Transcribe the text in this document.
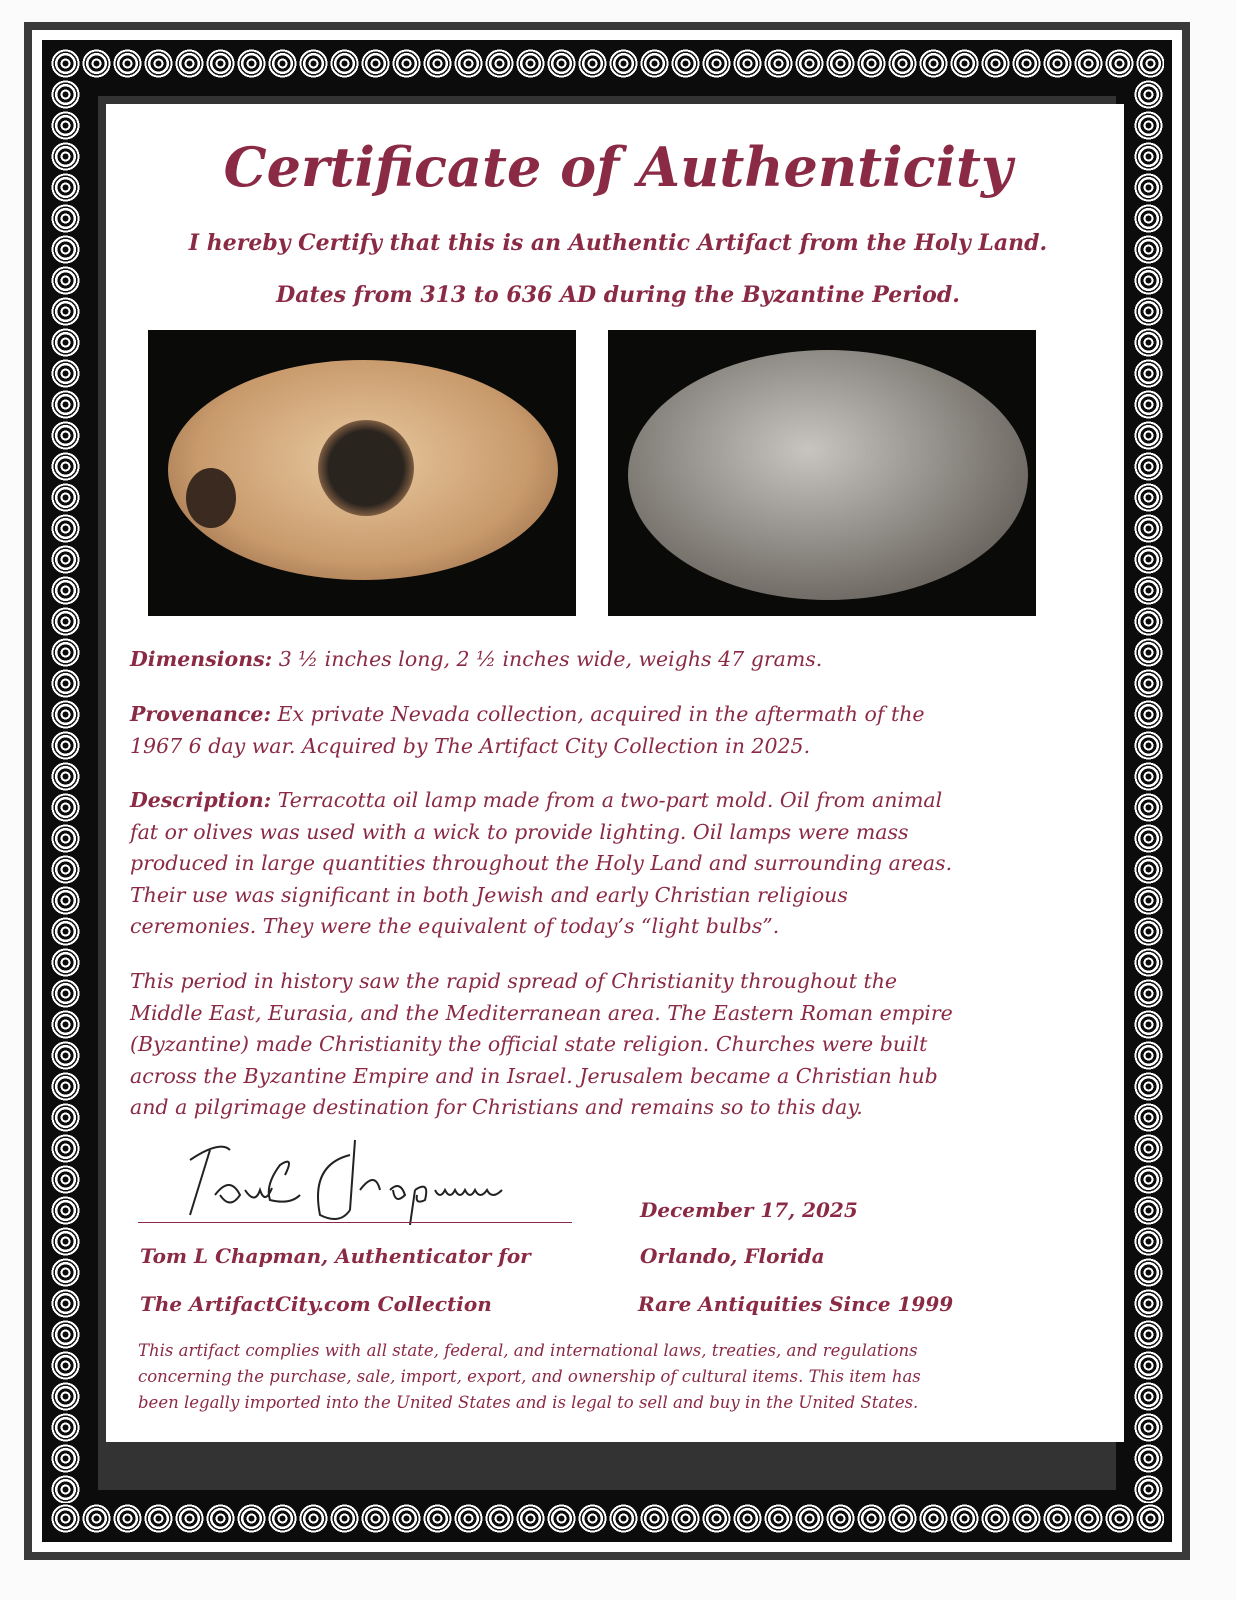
Certificate of Authenticity
I hereby Certify that this is an Authentic Artifact from the Holy Land.
Dates from 313 to 636 AD during the Byzantine Period.
Dimensions: 3 ½ inches long, 2 ½ inches wide, weighs 47 grams.
Provenance: Ex private Nevada collection, acquired in the aftermath of the
1967 6 day war. Acquired by The Artifact City Collection in 2025.
Description: Terracotta oil lamp made from a two-part mold. Oil from animal
fat or olives was used with a wick to provide lighting. Oil lamps were mass
produced in large quantities throughout the Holy Land and surrounding areas.
Their use was significant in both Jewish and early Christian religious
ceremonies. They were the equivalent of today’s “light bulbs”.
This period in history saw the rapid spread of Christianity throughout the
Middle East, Eurasia, and the Mediterranean area. The Eastern Roman empire
(Byzantine) made Christianity the official state religion. Churches were built
across the Byzantine Empire and in Israel. Jerusalem became a Christian hub
and a pilgrimage destination for Christians and remains so to this day.
Tom L Chapman, Authenticator for
The ArtifactCity.com Collection
December 17, 2025
Orlando, Florida
Rare Antiquities Since 1999
This artifact complies with all state, federal, and international laws, treaties, and regulations
concerning the purchase, sale, import, export, and ownership of cultural items. This item has
been legally imported into the United States and is legal to sell and buy in the United States.
